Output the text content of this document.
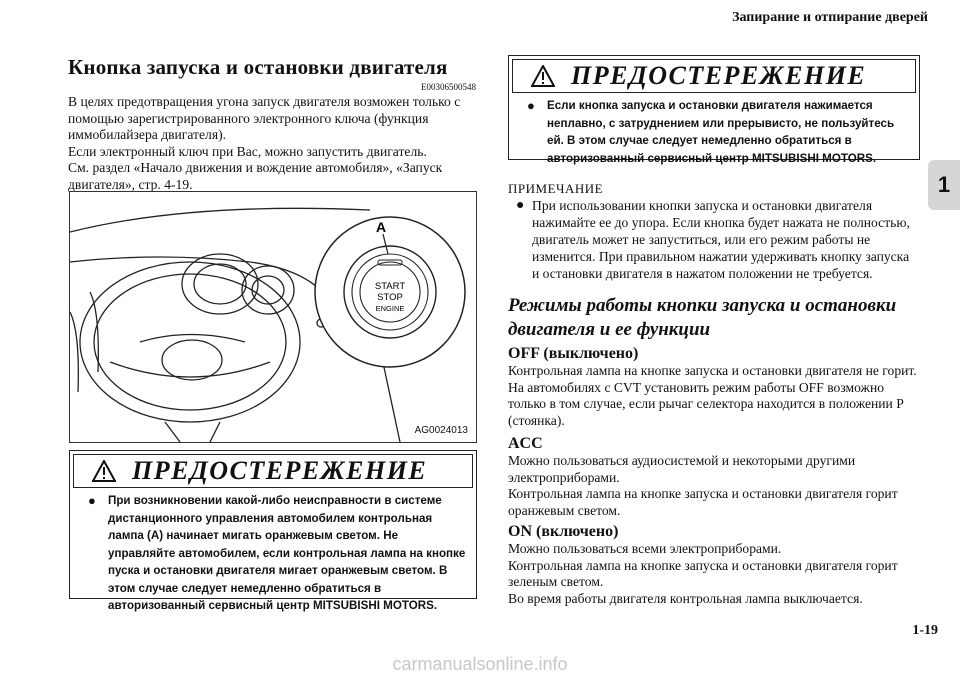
Запирание и отпирание дверей
1
Кнопка запуска и остановки двигателя
E00306500548
В целях предотвращения угона запуск двигателя возможен только с помощью зарегистрированного электронного ключа (функция иммобилайзера двигателя).
Если электронный ключ при Вас, можно запустить двигатель.
См. раздел «Начало движения и вождение автомобиля», «Запуск двигателя», стр. 4-19.
A
START
STOP
ENGINE
AG0024013
ПРЕДОСТЕРЕЖЕНИЕ
●	При возникновении какой-либо неисправности в системе дистанционного управления автомобилем контрольная лампа (A) начинает мигать оранжевым светом. Не управляйте автомобилем, если контрольная лампа на кнопке пуска и остановки двигателя мигает оранжевым светом. В этом случае следует немедленно обратиться в авторизованный сервисный центр MITSUBISHI MOTORS.
ПРЕДОСТЕРЕЖЕНИЕ
●	Если кнопка запуска и остановки двигателя нажимается неплавно, с затруднением или прерывисто, не пользуйтесь ей. В этом случае следует немедленно обратиться в авторизованный сервисный центр MITSUBISHI MOTORS.
ПРИМЕЧАНИЕ
● При использовании кнопки запуска и остановки двигателя нажимайте ее до упора. Если кнопка будет нажата не полностью, двигатель может не запуститься, или его режим работы не изменится. При правильном нажатии удерживать кнопку запуска и остановки двигателя в нажатом положении не требуется.
Режимы работы кнопки запуска и остановки двигателя и ее функции
OFF (выключено)
Контрольная лампа на кнопке запуска и остановки двигателя не горит. На автомобилях с CVT установить режим работы OFF возможно только в том случае, если рычаг селектора находится в положении P (стоянка).
ACC
Можно пользоваться аудиосистемой и некоторыми другими электроприборами.
Контрольная лампа на кнопке запуска и остановки двигателя горит оранжевым светом.
ON (включено)
Можно пользоваться всеми электроприборами.
Контрольная лампа на кнопке запуска и остановки двигателя горит зеленым светом.
Во время работы двигателя контрольная лампа выключается.
1-19
carmanualsonline.info
